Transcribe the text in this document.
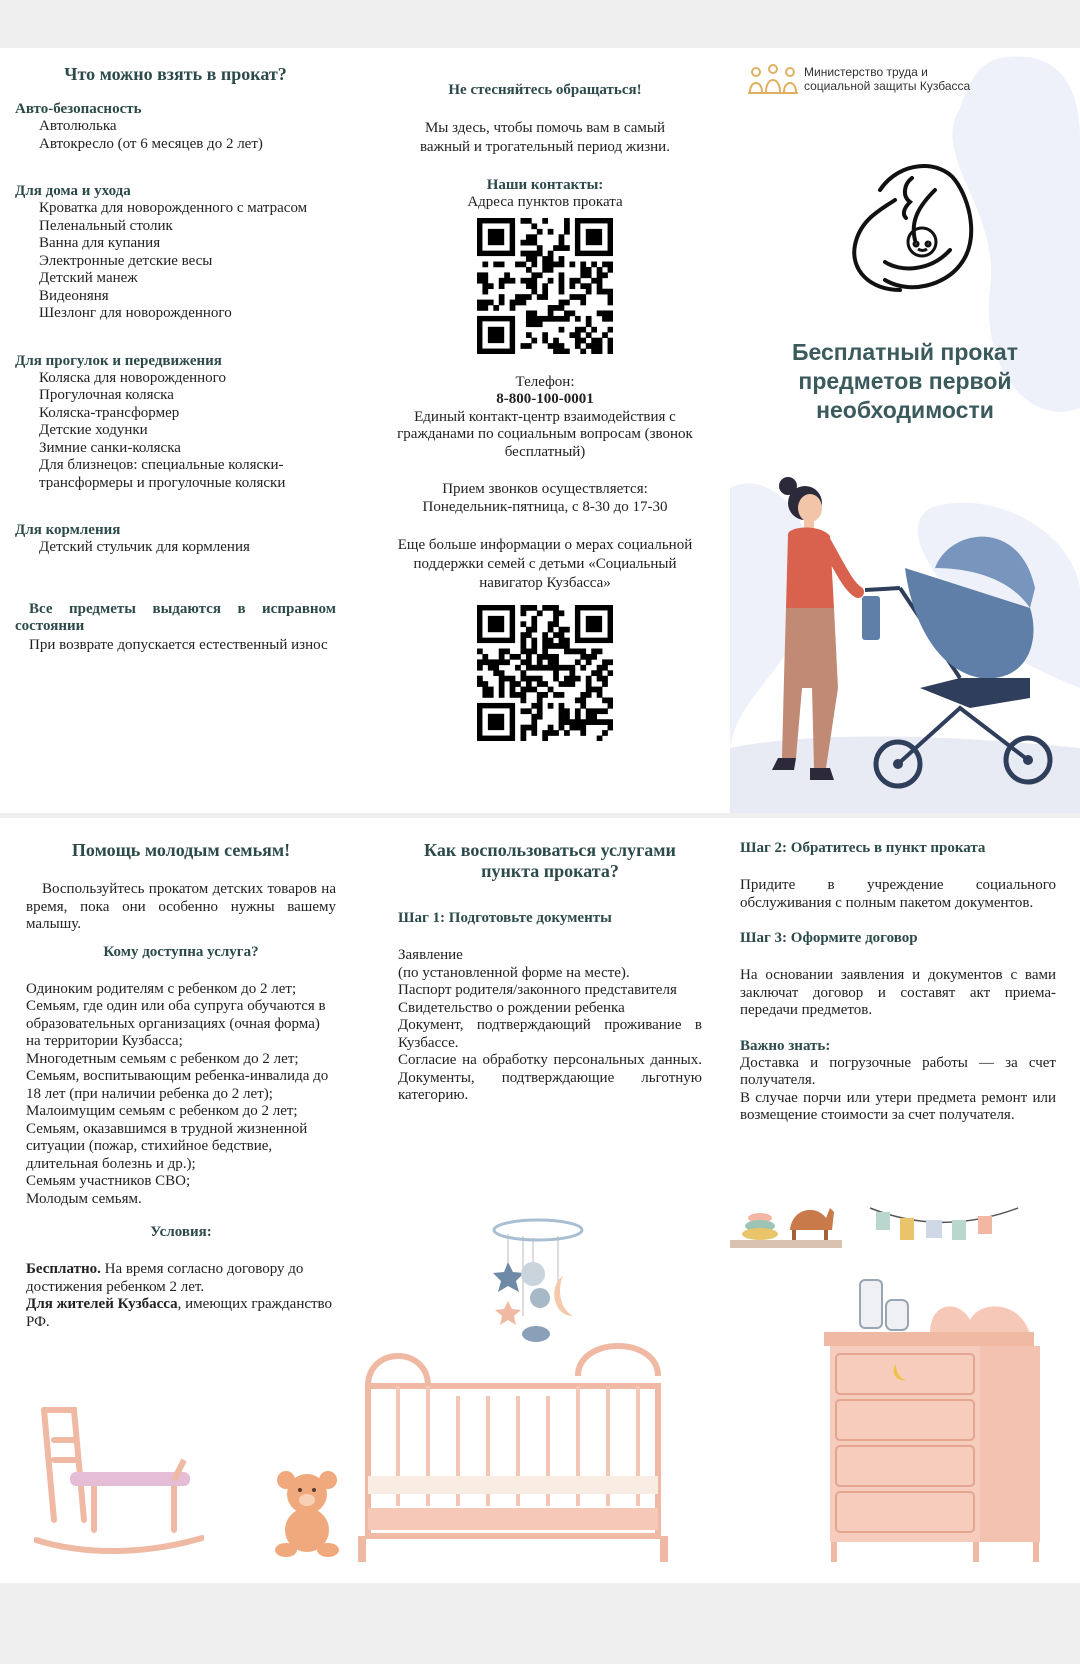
Что можно взять в прокат?
Авто-безопасность
Автолюлька
Автокресло (от 6 месяцев до 2 лет)
Для дома и ухода
Кроватка для новорожденного с матрасом
Пеленальный столик
Ванна для купания
Электронные детские весы
Детский манеж
Видеоняня
Шезлонг для новорожденного
Для прогулок и передвижения
Коляска для новорожденного
Прогулочная коляска
Коляска-трансформер
Детские ходунки
Зимние санки-коляска
Для близнецов: специальные коляски-трансформеры и прогулочные коляски
Для кормления
Детский стульчик для кормления
Все предметы выдаются в исправном состоянии
При возврате допускается естественный износ
Не стесняйтесь обращаться!
Мы здесь, чтобы помочь вам в самый важный и трогательный период жизни.
Наши контакты:
Адреса пунктов проката
Телефон:
8-800-100-0001
Единый контакт-центр взаимодействия с гражданами по социальным вопросам (звонок бесплатный)
Прием звонков осуществляется:
Понедельник-пятница, с 8-30 до 17-30
Еще больше информации о мерах социальной поддержки семей с детьми «Социальный навигатор Кузбасса»
Министерство труда и социальной защиты Кузбасса
Бесплатный прокат
предметов первой
необходимости
Помощь молодым семьям!
Воспользуйтесь прокатом детских товаров на время, пока они особенно нужны вашему малышу.
Кому доступна услуга?
Одиноким родителям с ребенком до 2 лет;
Семьям, где один или оба супруга обучаются в образовательных организациях (очная форма) на территории Кузбасса;
Многодетным семьям с ребенком до 2 лет;
Семьям, воспитывающим ребенка-инвалида до 18 лет (при наличии ребенка до 2 лет);
Малоимущим семьям с ребенком до 2 лет;
Семьям, оказавшимся в трудной жизненной ситуации (пожар, стихийное бедствие, длительная болезнь и др.);
Семьям участников СВО;
Молодым семьям.
Условия:
Бесплатно. На время согласно договору до достижения ребенком 2 лет.
Для жителей Кузбасса, имеющих гражданство РФ.
Как воспользоваться услугами пункта проката?
Шаг 1: Подготовьте документы
Заявление
(по установленной форме на месте).
Паспорт родителя/законного представителя
Свидетельство о рождении ребенка
Документ, подтверждающий проживание в Кузбассе.
Согласие на обработку персональных данных. Документы, подтверждающие льготную категорию.
Шаг 2: Обратитесь в пункт проката
Придите в учреждение социального обслуживания с полным пакетом документов.
Шаг 3: Оформите договор
На основании заявления и документов с вами заключат договор и составят акт приема-передачи предметов.
Важно знать:
Доставка и погрузочные работы — за счет получателя.
В случае порчи или утери предмета ремонт или возмещение стоимости за счет получателя.
